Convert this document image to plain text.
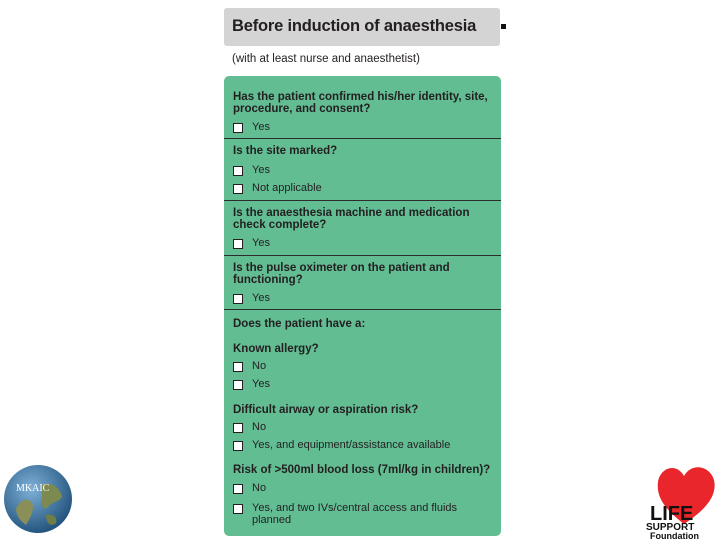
Before induction of anaesthesia
(with at least nurse and anaesthetist)
Has the patient confirmed his/her identity, site, procedure, and consent?
Yes
Is the site marked?
Yes
Not applicable
Is the anaesthesia machine and medication check complete?
Yes
Is the pulse oximeter on the patient and functioning?
Yes
Does the patient have a:
Known allergy?
No
Yes
Difficult airway or aspiration risk?
No
Yes, and equipment/assistance available
Risk of >500ml blood loss (7ml/kg in children)?
No
Yes, and two IVs/central access and fluids planned
MKAIC
LIFE
SUPPORT
Foundation
